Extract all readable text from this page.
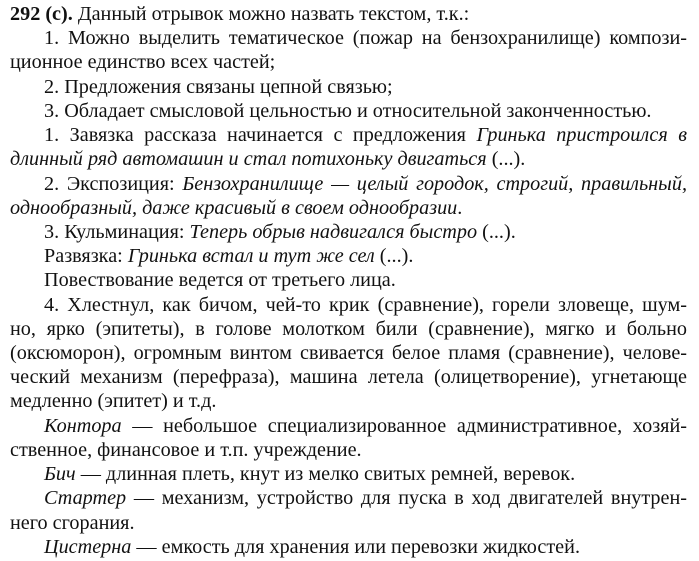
292 (с). Данный отрывок можно назвать текстом, т.к.:
1. Можно выделить тематическое (пожар на бензохранилище) компози-
ционное единство всех частей;
2. Предложения связаны цепной связью;
3. Обладает смысловой цельностью и относительной законченностью.
1. Завязка рассказа начинается с предложения Гринька пристроился в
длинный ряд автомашин и стал потихоньку двигаться (...).
2. Экспозиция: Бензохранилище — целый городок, строгий, правильный,
однообразный, даже красивый в своем однообразии.
3. Кульминация: Теперь обрыв надвигался быстро (...).
Развязка: Гринька встал и тут же сел (...).
Повествование ведется от третьего лица.
4. Хлестнул, как бичом, чей-то крик (сравнение), горели зловеще, шум-
но, ярко (эпитеты), в голове молотком били (сравнение), мягко и больно
(оксюморон), огромным винтом свивается белое пламя (сравнение), челове-
ческий механизм (перефраза), машина летела (олицетворение), угнетающе
медленно (эпитет) и т.д.
Контора — небольшое специализированное административное, хозяй-
ственное, финансовое и т.п. учреждение.
Бич — длинная плеть, кнут из мелко свитых ремней, веревок.
Стартер — механизм, устройство для пуска в ход двигателей внутрен-
него сгорания.
Цистерна — емкость для хранения или перевозки жидкостей.
